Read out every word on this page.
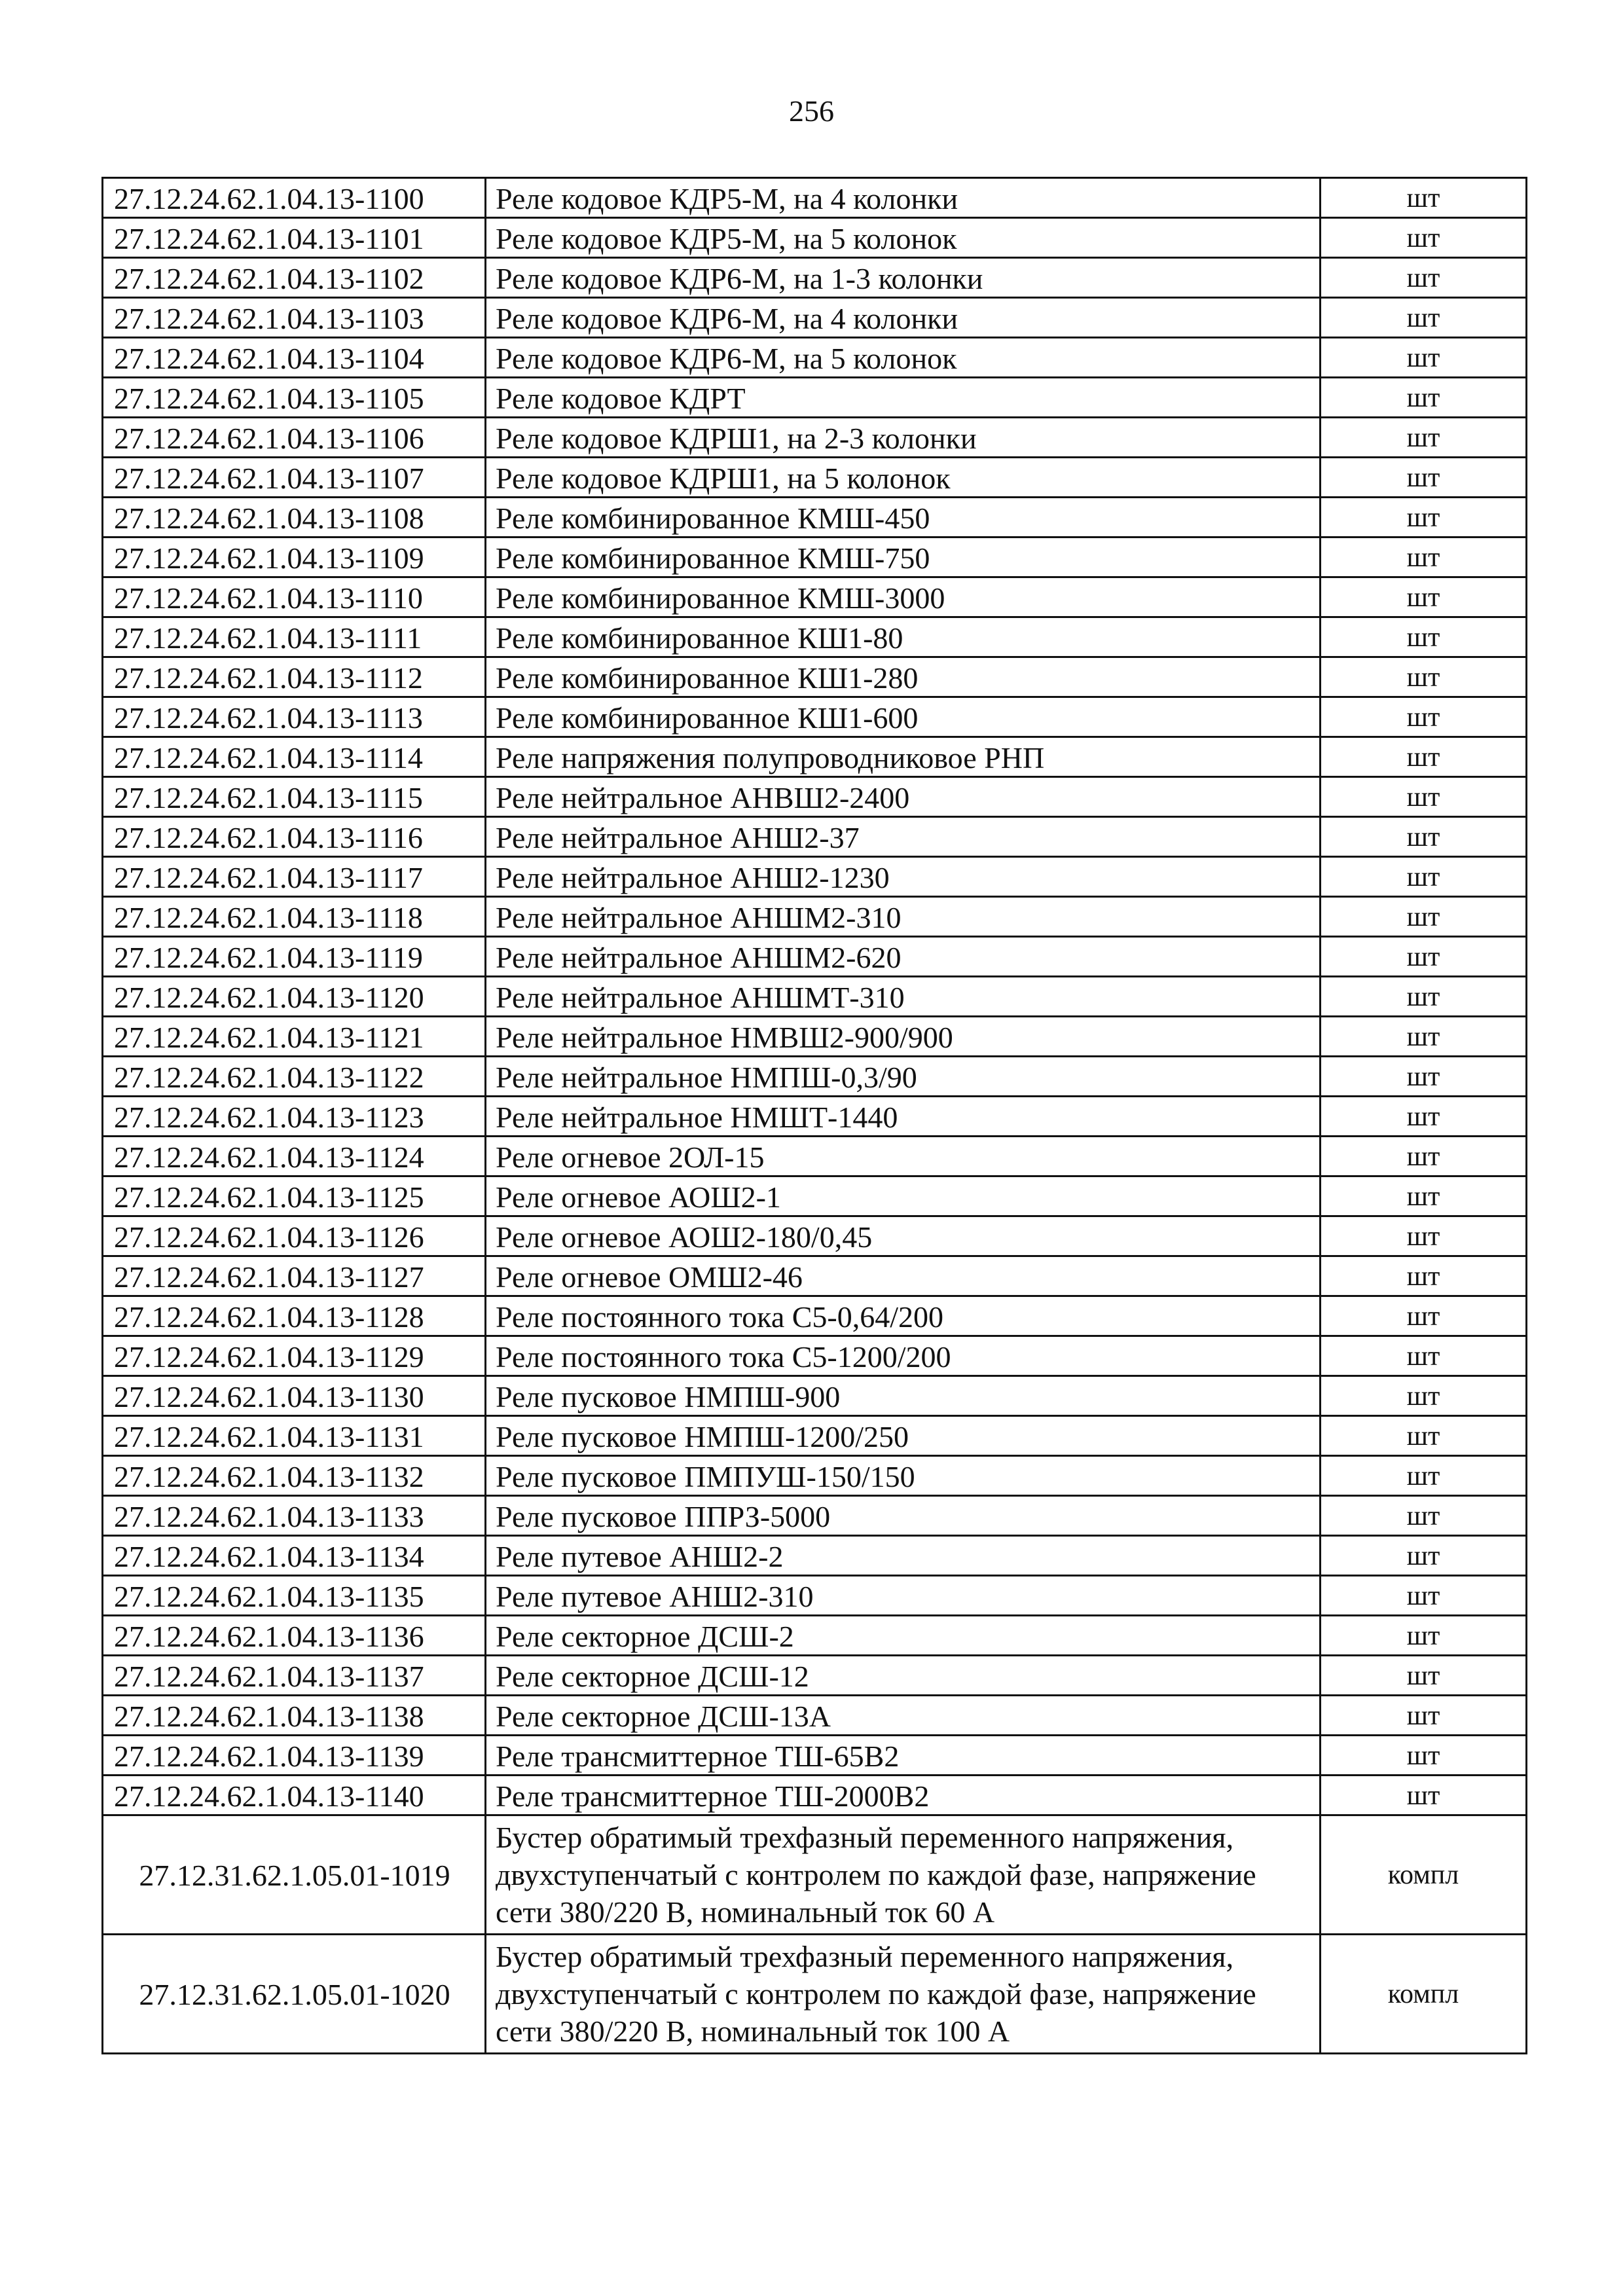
256
27.12.24.62.1.04.13-1100	Реле кодовое КДР5-М, на 4 колонки	шт
27.12.24.62.1.04.13-1101	Реле кодовое КДР5-М, на 5 колонок	шт
27.12.24.62.1.04.13-1102	Реле кодовое КДР6-М, на 1-3 колонки	шт
27.12.24.62.1.04.13-1103	Реле кодовое КДР6-М, на 4 колонки	шт
27.12.24.62.1.04.13-1104	Реле кодовое КДР6-М, на 5 колонок	шт
27.12.24.62.1.04.13-1105	Реле кодовое КДРТ	шт
27.12.24.62.1.04.13-1106	Реле кодовое КДРШ1, на 2-3 колонки	шт
27.12.24.62.1.04.13-1107	Реле кодовое КДРШ1, на 5 колонок	шт
27.12.24.62.1.04.13-1108	Реле комбинированное КМШ-450	шт
27.12.24.62.1.04.13-1109	Реле комбинированное КМШ-750	шт
27.12.24.62.1.04.13-1110	Реле комбинированное КМШ-3000	шт
27.12.24.62.1.04.13-1111	Реле комбинированное КШ1-80	шт
27.12.24.62.1.04.13-1112	Реле комбинированное КШ1-280	шт
27.12.24.62.1.04.13-1113	Реле комбинированное КШ1-600	шт
27.12.24.62.1.04.13-1114	Реле напряжения полупроводниковое РНП	шт
27.12.24.62.1.04.13-1115	Реле нейтральное АНВШ2-2400	шт
27.12.24.62.1.04.13-1116	Реле нейтральное АНШ2-37	шт
27.12.24.62.1.04.13-1117	Реле нейтральное АНШ2-1230	шт
27.12.24.62.1.04.13-1118	Реле нейтральное АНШМ2-310	шт
27.12.24.62.1.04.13-1119	Реле нейтральное АНШМ2-620	шт
27.12.24.62.1.04.13-1120	Реле нейтральное АНШМТ-310	шт
27.12.24.62.1.04.13-1121	Реле нейтральное НМВШ2-900/900	шт
27.12.24.62.1.04.13-1122	Реле нейтральное НМПШ-0,3/90	шт
27.12.24.62.1.04.13-1123	Реле нейтральное НМШТ-1440	шт
27.12.24.62.1.04.13-1124	Реле огневое 2ОЛ-15	шт
27.12.24.62.1.04.13-1125	Реле огневое АОШ2-1	шт
27.12.24.62.1.04.13-1126	Реле огневое АОШ2-180/0,45	шт
27.12.24.62.1.04.13-1127	Реле огневое ОМШ2-46	шт
27.12.24.62.1.04.13-1128	Реле постоянного тока С5-0,64/200	шт
27.12.24.62.1.04.13-1129	Реле постоянного тока С5-1200/200	шт
27.12.24.62.1.04.13-1130	Реле пусковое НМПШ-900	шт
27.12.24.62.1.04.13-1131	Реле пусковое НМПШ-1200/250	шт
27.12.24.62.1.04.13-1132	Реле пусковое ПМПУШ-150/150	шт
27.12.24.62.1.04.13-1133	Реле пусковое ППРЗ-5000	шт
27.12.24.62.1.04.13-1134	Реле путевое АНШ2-2	шт
27.12.24.62.1.04.13-1135	Реле путевое АНШ2-310	шт
27.12.24.62.1.04.13-1136	Реле секторное ДСШ-2	шт
27.12.24.62.1.04.13-1137	Реле секторное ДСШ-12	шт
27.12.24.62.1.04.13-1138	Реле секторное ДСШ-13А	шт
27.12.24.62.1.04.13-1139	Реле трансмиттерное ТШ-65В2	шт
27.12.24.62.1.04.13-1140	Реле трансмиттерное ТШ-2000В2	шт
27.12.31.62.1.05.01-1019	Бустер обратимый трехфазный переменного напряжения, двухступенчатый с контролем по каждой фазе, напряжение сети 380/220 В, номинальный ток 60 А	компл
27.12.31.62.1.05.01-1020	Бустер обратимый трехфазный переменного напряжения, двухступенчатый с контролем по каждой фазе, напряжение сети 380/220 В, номинальный ток 100 А	компл
